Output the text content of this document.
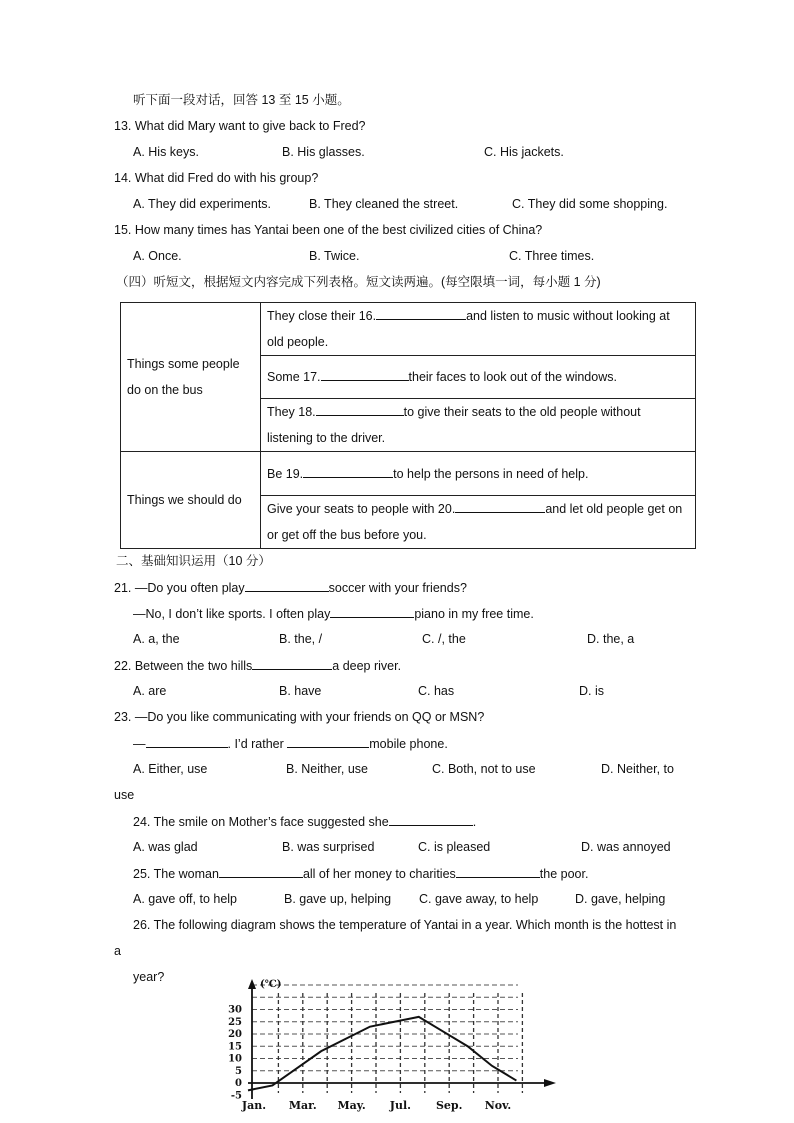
听下面一段对话，回答 13 至 15 小题。
13. What did Mary want to give back to Fred?
A. His keys.	B. His glasses.	C. His jackets.
14. What did Fred do with his group?
A. They did experiments.	B. They cleaned the street.	C. They did some shopping.
15. How many times has Yantai been one of the best civilized cities of China?
A. Once.	B. Twice.	C. Three times.
（四）听短文，根据短文内容完成下列表格。短文读两遍。(每空限填一词，每小题 1 分)
Things some people do on the bus	They close their 16. and listen to music without looking at old people.
	Some 17. their faces to look out of the windows.
	They 18. to give their seats to the old people without listening to the driver.
Things we should do	Be 19. to help the persons in need of help.
	Give your seats to people with 20. and let old people get on or get off the bus before you.
二、基础知识运用（10 分）
21. —Do you often play	soccer with your friends?
—No, I don’t like sports. I often play	piano in my free time.
A. a, the	B. the, /	C. /, the	D. the, a
22. Between the two hills	a deep river.
A. are	B. have	C. has	D. is
23. —Do you like communicating with your friends on QQ or MSN?
—	. I’d rather	mobile phone.
A. Either, use	B. Neither, use	C. Both, not to use	D. Neither, to
use
24. The smile on Mother’s face suggested she	.
A. was glad	B. was surprised	C. is pleased	D. was annoyed
25. The woman	all of her money to charities	the poor.
A. gave off, to help	B. gave up, helping C. gave away, to help	D. gave, helping
26. The following diagram shows the temperature of Yantai in a year. Which month is the hottest in
a
year?
30
25
20
15
10
5
0
-5
Jan. Mar. May. Jul. Sep. Nov.
(℃)
